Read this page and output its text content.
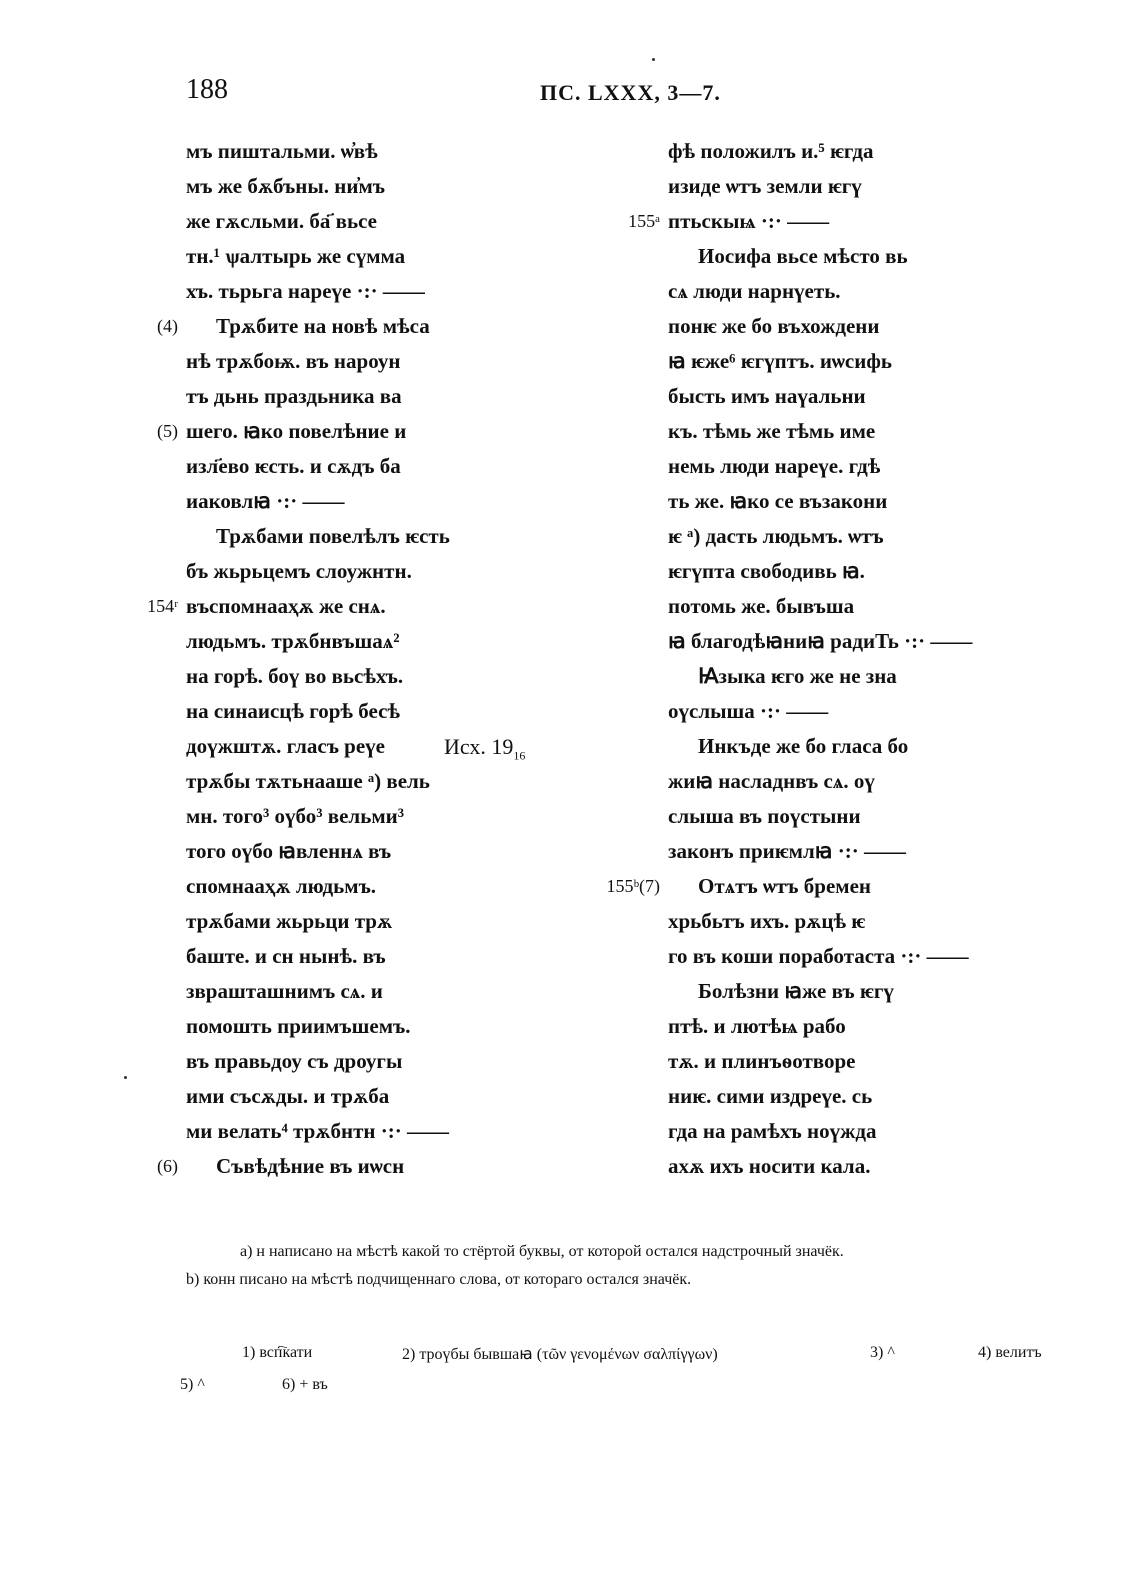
188	ПС. LXXX, 3—7.
мъ пиштальми. ѡ҆вѣ
мъ же бѫбъны. ни҆мъ
же гѫсльми. ба҃ вьсе
тн.¹ ѱалтырь же сүмма
хъ. тьрьга нареүе ·:· ——
Трѫбите на новѣ мѣса
(4)
нѣ трѫбоѭ. въ нароун
тъ дьнь праздьника ва
шего. ꙗко повелѣние и
(5)
изл҃ево ѥсть. и сѫдъ ба
иаковлꙗ ·:· ——
Трѫбами повелѣлъ ѥсть
бъ жьрьцемъ слоужнтн.
въспомнааҳѫ же снѧ.
154ʳ
людьмъ. трѫбнвъшаѧ²
на горѣ. боү во вьсѣхъ.
на синаисцѣ горѣ бесѣ
доүжштѫ. гласъ реүе	Исх. $19_{16}$
трѫбы тѫтьнааше ᵃ) вель
мн. того³ оүбо³ вельми³
того оүбо ꙗвленнѧ въ
спомнааҳѫ людьмъ.
трѫбами жьрьци трѫ
баште. и сн нынѣ. въ
зврашташнимъ сѧ. и
помошть приимъшемъ.
въ правьдоу съ дроугы
ими съсѫды. и трѫба
ми велать⁴ трѫбнтн ·:· ——
Съвѣдѣние въ иѡсн
(6)
фѣ положилъ и.⁵ ѥгда
изиде ѡтъ земли ѥгү
птьскыѩ ·:· ——
155ᵃ
Иосифа вьсе мѣсто вь
сѧ люди нарнүеть.
понѥ же бо въхождени
ꙗ ѥже⁶ ѥгүптъ. иѡсифь
бысть имъ наүальни
къ. тѣмь же тѣмь име
немь люди нареүе. гдѣ
ть же. ꙗко се възакони
ѥ ᵃ) дасть людьмъ. ѡтъ
ѥгүпта свободивь ꙗ.
потомь же. бывъша
ꙗ благодѣꙗниꙗ радиТь ·:· ——
Ꙗзыка ѥго же не зна
оүслыша ·:· ——
Инкъде же бо гласа бо
жиꙗ насладнвъ сѧ. оү
слыша въ поүстыни
законъ приѥмлꙗ ·:· ——
Отѧтъ ѡтъ бремен
155ᵇ(7)
хрьбьтъ ихъ. рѫцѣ ѥ
го въ коши поработаста ·:· ——
Болѣзни ꙗже въ ѥгү
птѣ. и лютѣѩ рабо
тѫ. и плинъѳотворе
ниѥ. сими издреүе. сь
гда на рамѣхъ ноүжда
ахѫ ихъ носити кала.
a) н написано на мѣстѣ какой то стёртой буквы, от которой остался надстрочный значёк.
b) конн писано на мѣстѣ подчищеннаго слова, от котораго остался значёк.
1) всп҇кати	2) троүбы бывшаꙗ (τῶν γενομένων σαλπίγγων)	3) ^	4) велитъ
5) ^	6) + въ
